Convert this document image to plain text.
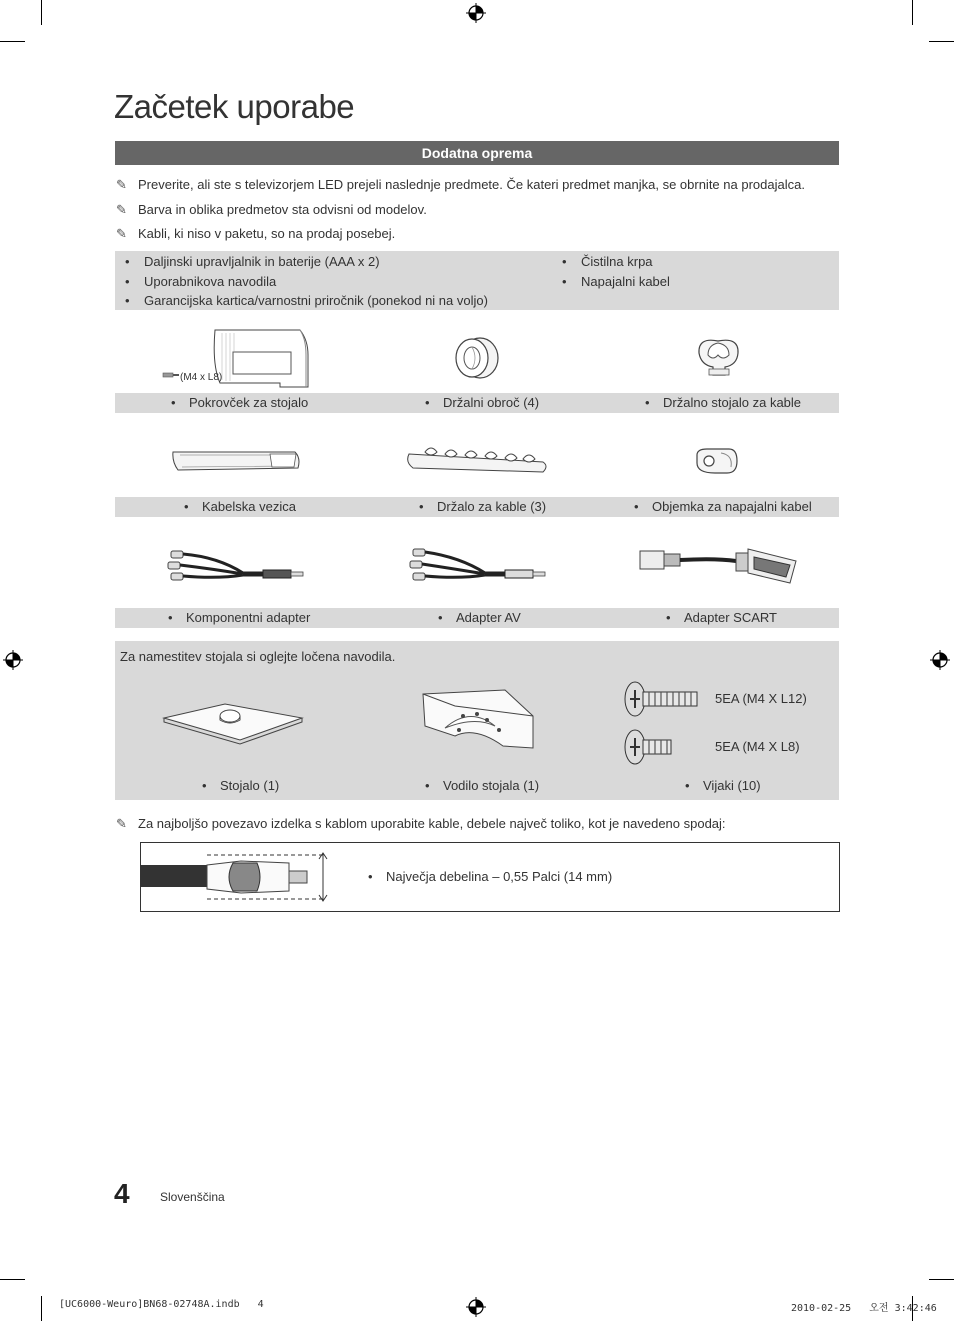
Začetek uporabe
Dodatna oprema
✎ Preverite, ali ste s televizorjem LED prejeli naslednje predmete. Če kateri predmet manjka, se obrnite na prodajalca.
✎ Barva in oblika predmetov sta odvisni od modelov.
✎ Kabli, ki niso v paketu, so na prodaj posebej.
• Daljinski upravljalnik in baterije (AAA x 2)
• Uporabnikova navodila
• Garancijska kartica/varnostni priročnik (ponekod ni na voljo)
• Čistilna krpa
• Napajalni kabel
(M4 x L8)
• Pokrovček za stojalo	• Držalni obroč (4)	• Držalno stojalo za kable
• Kabelska vezica	• Držalo za kable (3)	• Objemka za napajalni kabel
• Komponentni adapter	• Adapter AV	• Adapter SCART
Za namestitev stojala si oglejte ločena navodila.
5EA (M4 X L12)
5EA (M4 X L8)
• Stojalo (1)	• Vodilo stojala (1)	• Vijaki (10)
✎ Za najboljšo povezavo izdelka s kablom uporabite kable, debele največ toliko, kot je navedeno spodaj:
• Največja debelina – 0,55 Palci (14 mm)
4	Slovenščina
[UC6000-Weuro]BN68-02748A.indb   4	2010-02-25   오전 3:42:46
